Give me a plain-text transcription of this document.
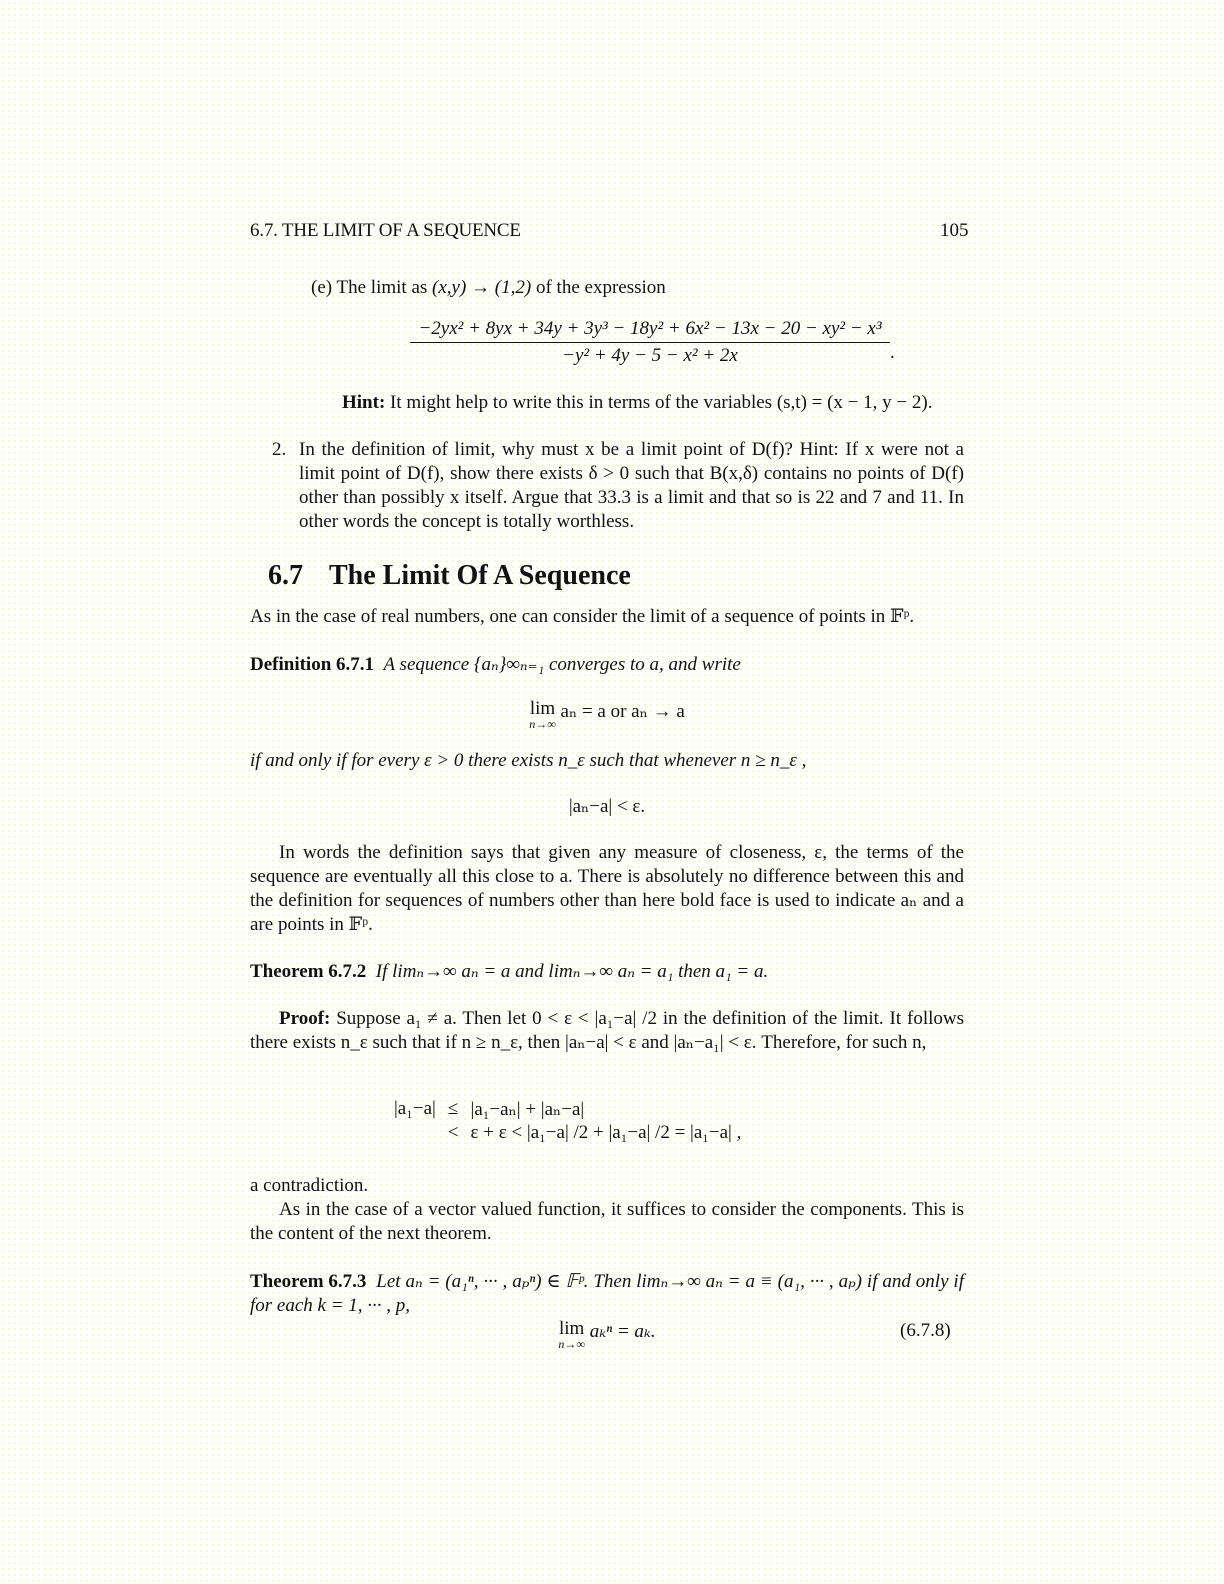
6.7. THE LIMIT OF A SEQUENCE	105
(e) The limit as (x,y) → (1,2) of the expression
$\frac{\text{−2yx² + 8yx + 34y + 3y³ − 18y² + 6x² − 13x − 20 − xy² − x³}}{\text{−y² + 4y − 5 − x² + 2x}}$ .
Hint: It might help to write this in terms of the variables (s,t) = (x − 1, y − 2).
2. In the definition of limit, why must x be a limit point of D(f)? Hint: If x were not a limit point of D(f), show there exists δ > 0 such that B(x,δ) contains no points of D(f) other than possibly x itself. Argue that 33.3 is a limit and that so is 22 and 7 and 11. In other words the concept is totally worthless.
6.7 The Limit Of A Sequence
As in the case of real numbers, one can consider the limit of a sequence of points in 𝔽ᵖ.
Definition 6.7.1 A sequence {aₙ}∞ₙ₌₁ converges to a, and write
lim
n→∞
aₙ = a or aₙ → a
if and only if for every ε > 0 there exists n_ε such that whenever n ≥ n_ε ,
|aₙ−a| < ε.
In words the definition says that given any measure of closeness, ε, the terms of the sequence are eventually all this close to a. There is absolutely no difference between this and the definition for sequences of numbers other than here bold face is used to indicate aₙ and a are points in 𝔽ᵖ.
Theorem 6.7.2 If limₙ→∞ aₙ = a and limₙ→∞ aₙ = a₁ then a₁ = a.
Proof: Suppose a₁ ≠ a. Then let 0 < ε < |a₁−a| /2 in the definition of the limit. It follows there exists n_ε such that if n ≥ n_ε, then |aₙ−a| < ε and |aₙ−a₁| < ε. Therefore, for such n,
|a₁−a|	≤	|a₁−aₙ| + |aₙ−a|
	<	ε + ε < |a₁−a| /2 + |a₁−a| /2 = |a₁−a| ,
a contradiction.
As in the case of a vector valued function, it suffices to consider the components. This is the content of the next theorem.
Theorem 6.7.3 Let aₙ = (a₁ⁿ, ··· , aₚⁿ) ∈ 𝔽ᵖ. Then limₙ→∞ aₙ = a ≡ (a₁, ··· , aₚ) if and only if for each k = 1, ··· , p,
lim
n→∞
aₖⁿ = aₖ.	(6.7.8)
